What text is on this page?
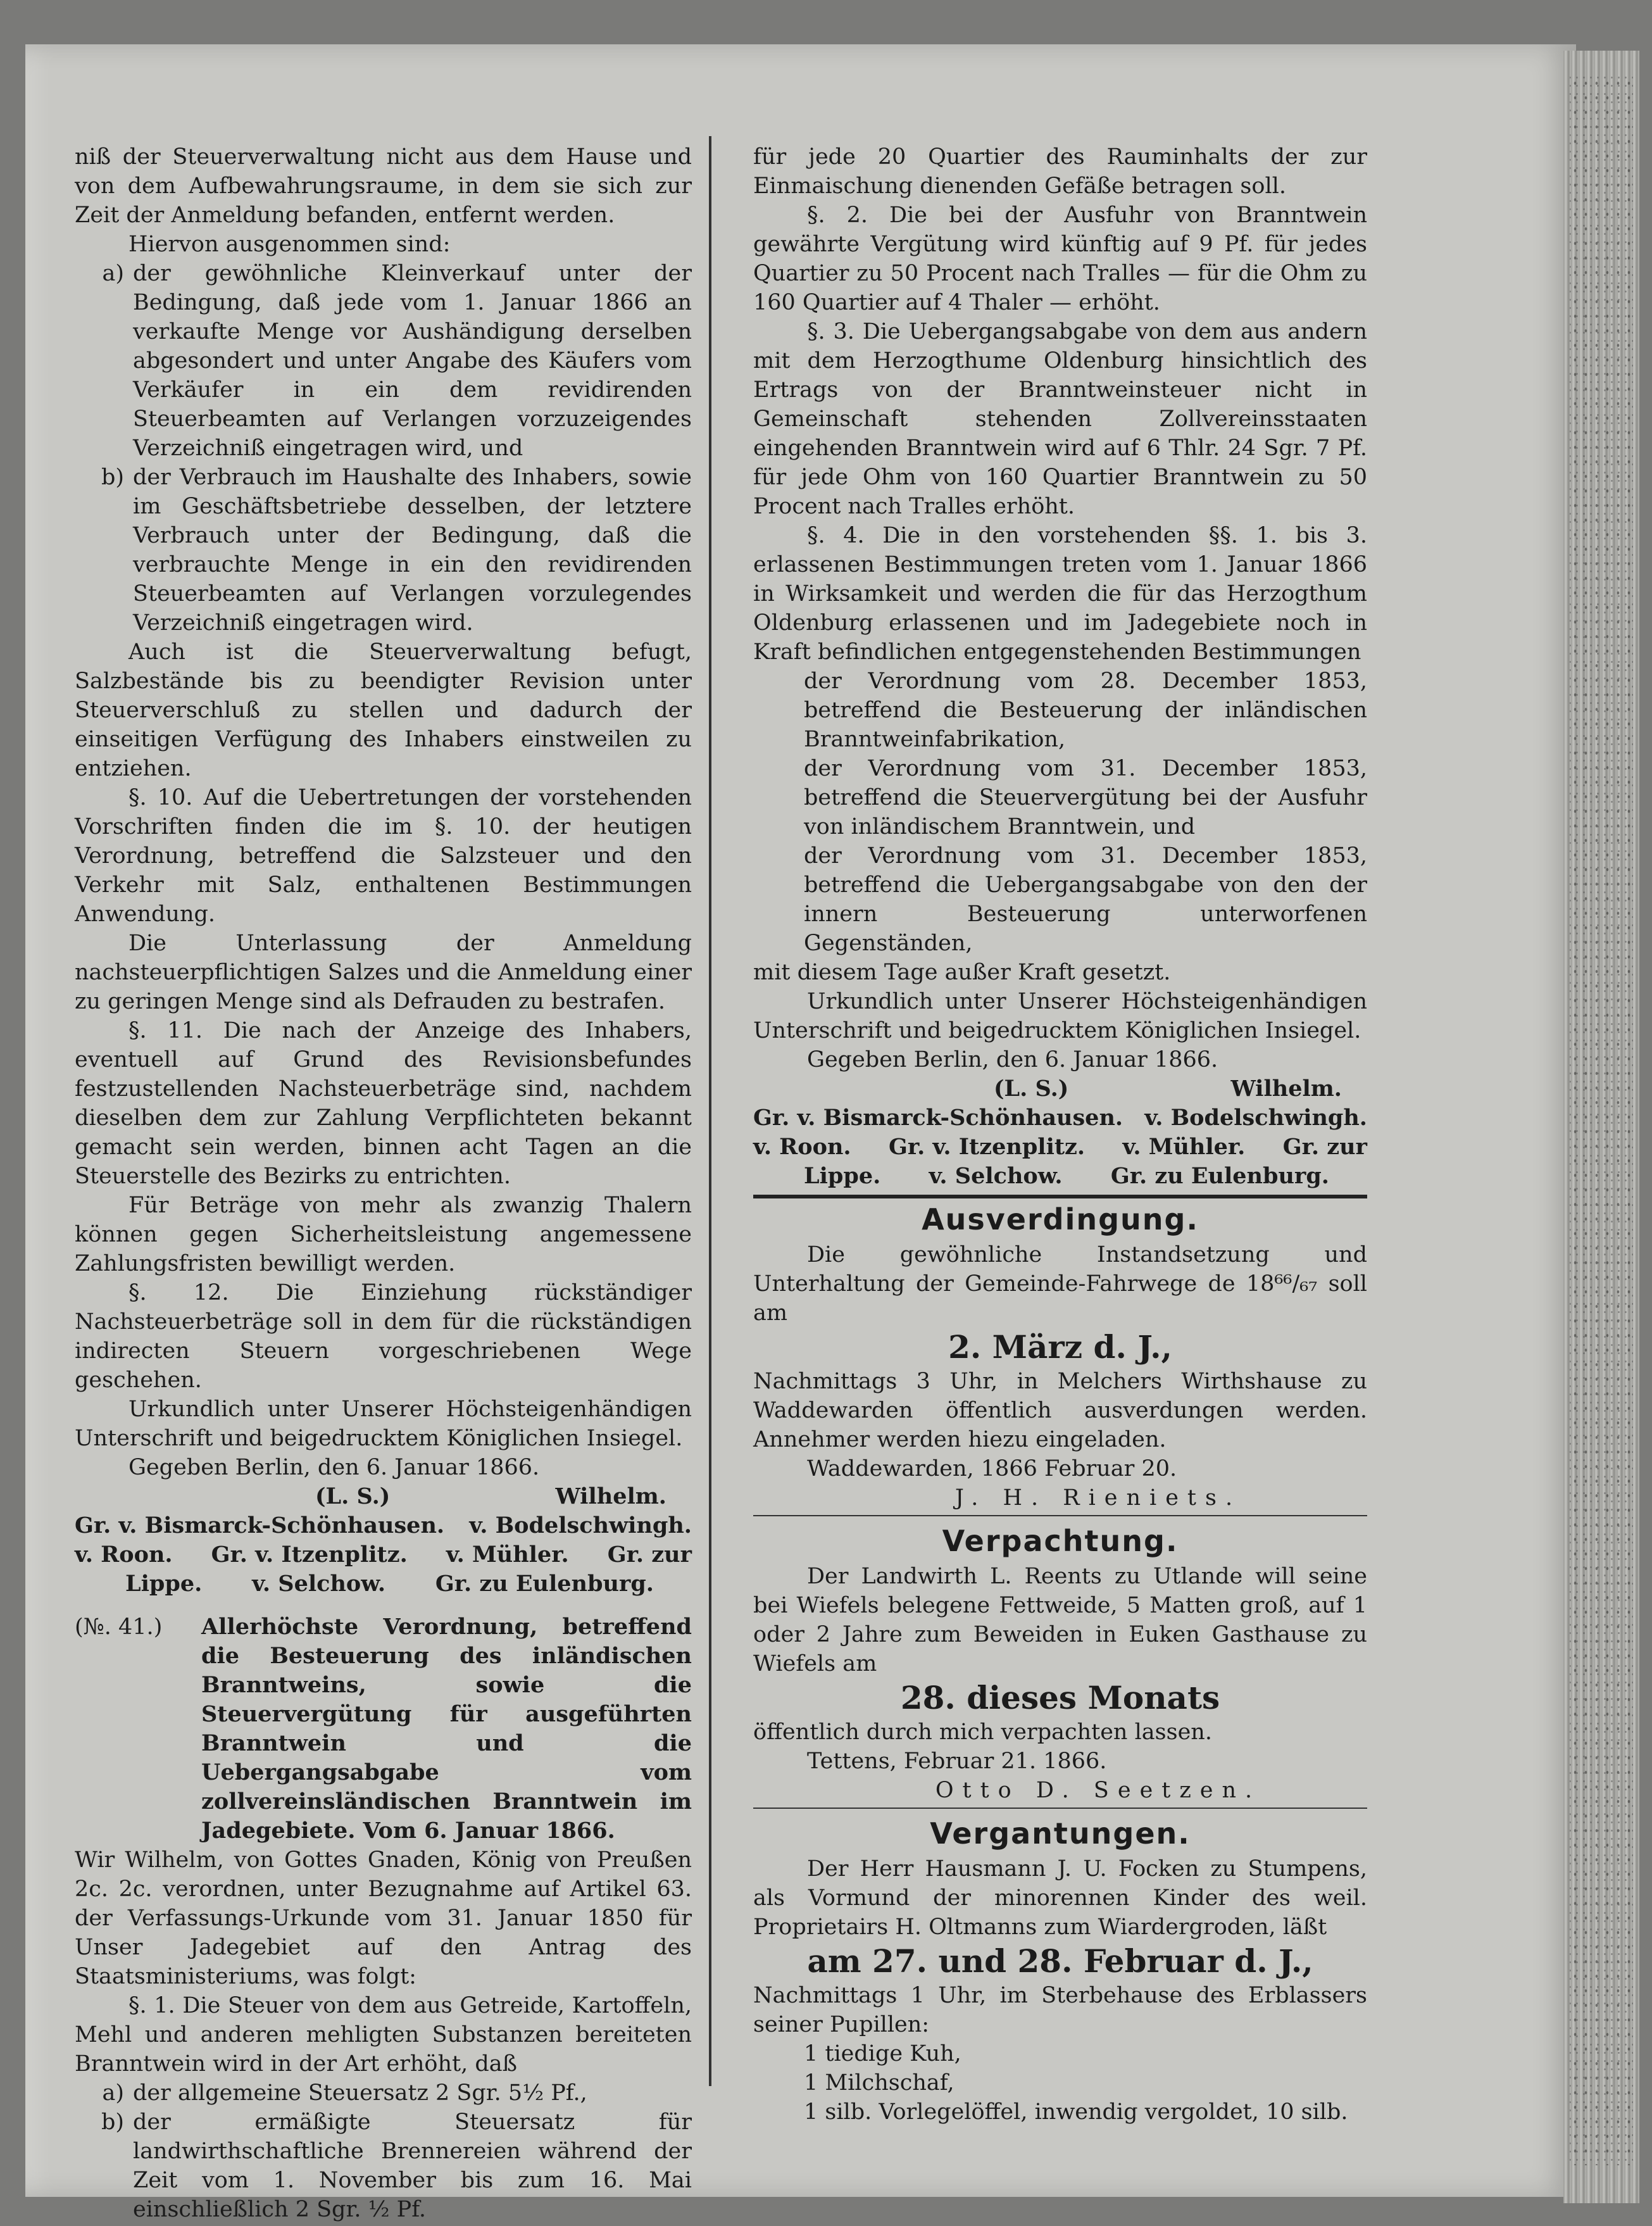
niß der Steuerverwaltung nicht aus dem Hause und von dem Aufbewahrungsraume, in dem sie sich zur Zeit der Anmeldung befanden, entfernt werden.

Hiervon ausgenommen sind:

a) der gewöhnliche Kleinverkauf unter der Bedingung, daß jede vom 1. Januar 1866 an verkaufte Menge vor Aushändigung derselben abgesondert und unter Angabe des Käufers vom Verkäufer in ein dem revidirenden Steuerbeamten auf Verlangen vorzuzeigendes Verzeichniß eingetragen wird, und
b) der Verbrauch im Haushalte des Inhabers, sowie im Geschäftsbetriebe desselben, der letztere Verbrauch unter der Bedingung, daß die verbrauchte Menge in ein den revidirenden Steuerbeamten auf Verlangen vorzulegendes Verzeichniß eingetragen wird.

Auch ist die Steuerverwaltung befugt, Salzbestände bis zu beendigter Revision unter Steuerverschluß zu stellen und dadurch der einseitigen Verfügung des Inhabers einstweilen zu entziehen.

§. 10. Auf die Uebertretungen der vorstehenden Vorschriften finden die im §. 10. der heutigen Verordnung, betreffend die Salzsteuer und den Verkehr mit Salz, enthaltenen Bestimmungen Anwendung.

Die Unterlassung der Anmeldung nachsteuerpflichtigen Salzes und die Anmeldung einer zu geringen Menge sind als Defrauden zu bestrafen.

§. 11. Die nach der Anzeige des Inhabers, eventuell auf Grund des Revisionsbefundes festzustellenden Nachsteuerbeträge sind, nachdem dieselben dem zur Zahlung Verpflichteten bekannt gemacht sein werden, binnen acht Tagen an die Steuerstelle des Bezirks zu entrichten.

Für Beträge von mehr als zwanzig Thalern können gegen Sicherheitsleistung angemessene Zahlungsfristen bewilligt werden.

§. 12. Die Einziehung rückständiger Nachsteuerbeträge soll in dem für die rückständigen indirecten Steuern vorgeschriebenen Wege geschehen.

Urkundlich unter Unserer Höchsteigenhändigen Unterschrift und beigedrucktem Königlichen Insiegel.

Gegeben Berlin, den 6. Januar 1866.

(L. S.)	Wilhelm.
Gr. v. Bismarck-Schönhausen. v. Bodelschwingh.
v. Roon. Gr. v. Itzenplitz. v. Mühler. Gr. zur
Lippe. v. Selchow. Gr. zu Eulenburg.
(№. 41.)	Allerhöchste Verordnung, betreffend die Besteuerung des inländischen Branntweins, sowie die Steuervergütung für ausgeführten Branntwein und die Uebergangsabgabe vom zollvereinsländischen Branntwein im Jadegebiete. Vom 6. Januar 1866.

Wir Wilhelm, von Gottes Gnaden, König von Preußen 2c. 2c. verordnen, unter Bezugnahme auf Artikel 63. der Verfassungs-Urkunde vom 31. Januar 1850 für Unser Jadegebiet auf den Antrag des Staatsministeriums, was folgt:

§. 1. Die Steuer von dem aus Getreide, Kartoffeln, Mehl und anderen mehligten Substanzen bereiteten Branntwein wird in der Art erhöht, daß

a) der allgemeine Steuersatz 2 Sgr. 5½ Pf.,
b) der ermäßigte Steuersatz für landwirthschaftliche Brennereien während der Zeit vom 1. November bis zum 16. Mai einschließlich 2 Sgr. ½ Pf.

für jede 20 Quartier des Rauminhalts der zur Einmaischung dienenden Gefäße betragen soll.

§. 2. Die bei der Ausfuhr von Branntwein gewährte Vergütung wird künftig auf 9 Pf. für jedes Quartier zu 50 Procent nach Tralles — für die Ohm zu 160 Quartier auf 4 Thaler — erhöht.

§. 3. Die Uebergangsabgabe von dem aus andern mit dem Herzogthume Oldenburg hinsichtlich des Ertrags von der Branntweinsteuer nicht in Gemeinschaft stehenden Zollvereinsstaaten eingehenden Branntwein wird auf 6 Thlr. 24 Sgr. 7 Pf. für jede Ohm von 160 Quartier Branntwein zu 50 Procent nach Tralles erhöht.

§. 4. Die in den vorstehenden §§. 1. bis 3. erlassenen Bestimmungen treten vom 1. Januar 1866 in Wirksamkeit und werden die für das Herzogthum Oldenburg erlassenen und im Jadegebiete noch in Kraft befindlichen entgegenstehenden Bestimmungen

der Verordnung vom 28. December 1853, betreffend die Besteuerung der inländischen Branntweinfabrikation,

der Verordnung vom 31. December 1853, betreffend die Steuervergütung bei der Ausfuhr von inländischem Branntwein, und

der Verordnung vom 31. December 1853, betreffend die Uebergangsabgabe von den der innern Besteuerung unterworfenen Gegenständen,

mit diesem Tage außer Kraft gesetzt.

Urkundlich unter Unserer Höchsteigenhändigen Unterschrift und beigedrucktem Königlichen Insiegel.

Gegeben Berlin, den 6. Januar 1866.

(L. S.)	Wilhelm.
Gr. v. Bismarck-Schönhausen. v. Bodelschwingh.
v. Roon. Gr. v. Itzenplitz. v. Mühler. Gr. zur
Lippe. v. Selchow. Gr. zu Eulenburg.
Ausverdingung.

Die gewöhnliche Instandsetzung und Unterhaltung der Gemeinde-Fahrwege de 18⁶⁶/₆₇ soll am

2. März d. J.,

Nachmittags 3 Uhr, in Melchers Wirthshause zu Waddewarden öffentlich ausverdungen werden. Annehmer werden hiezu eingeladen.

Waddewarden, 1866 Februar 20.

J. H. Rieniets.

Verpachtung.

Der Landwirth L. Reents zu Utlande will seine bei Wiefels belegene Fettweide, 5 Matten groß, auf 1 oder 2 Jahre zum Beweiden in Euken Gasthause zu Wiefels am

28. dieses Monats

öffentlich durch mich verpachten lassen.

Tettens, Februar 21. 1866.

Otto D. Seetzen.

Vergantungen.

Der Herr Hausmann J. U. Focken zu Stumpens, als Vormund der minorennen Kinder des weil. Proprietairs H. Oltmanns zum Wiardergroden, läßt

am 27. und 28. Februar d. J.,

Nachmittags 1 Uhr, im Sterbehause des Erblassers seiner Pupillen:

1 tiedige Kuh,

1 Milchschaf,

1 silb. Vorlegelöffel, inwendig vergoldet, 10 silb.
